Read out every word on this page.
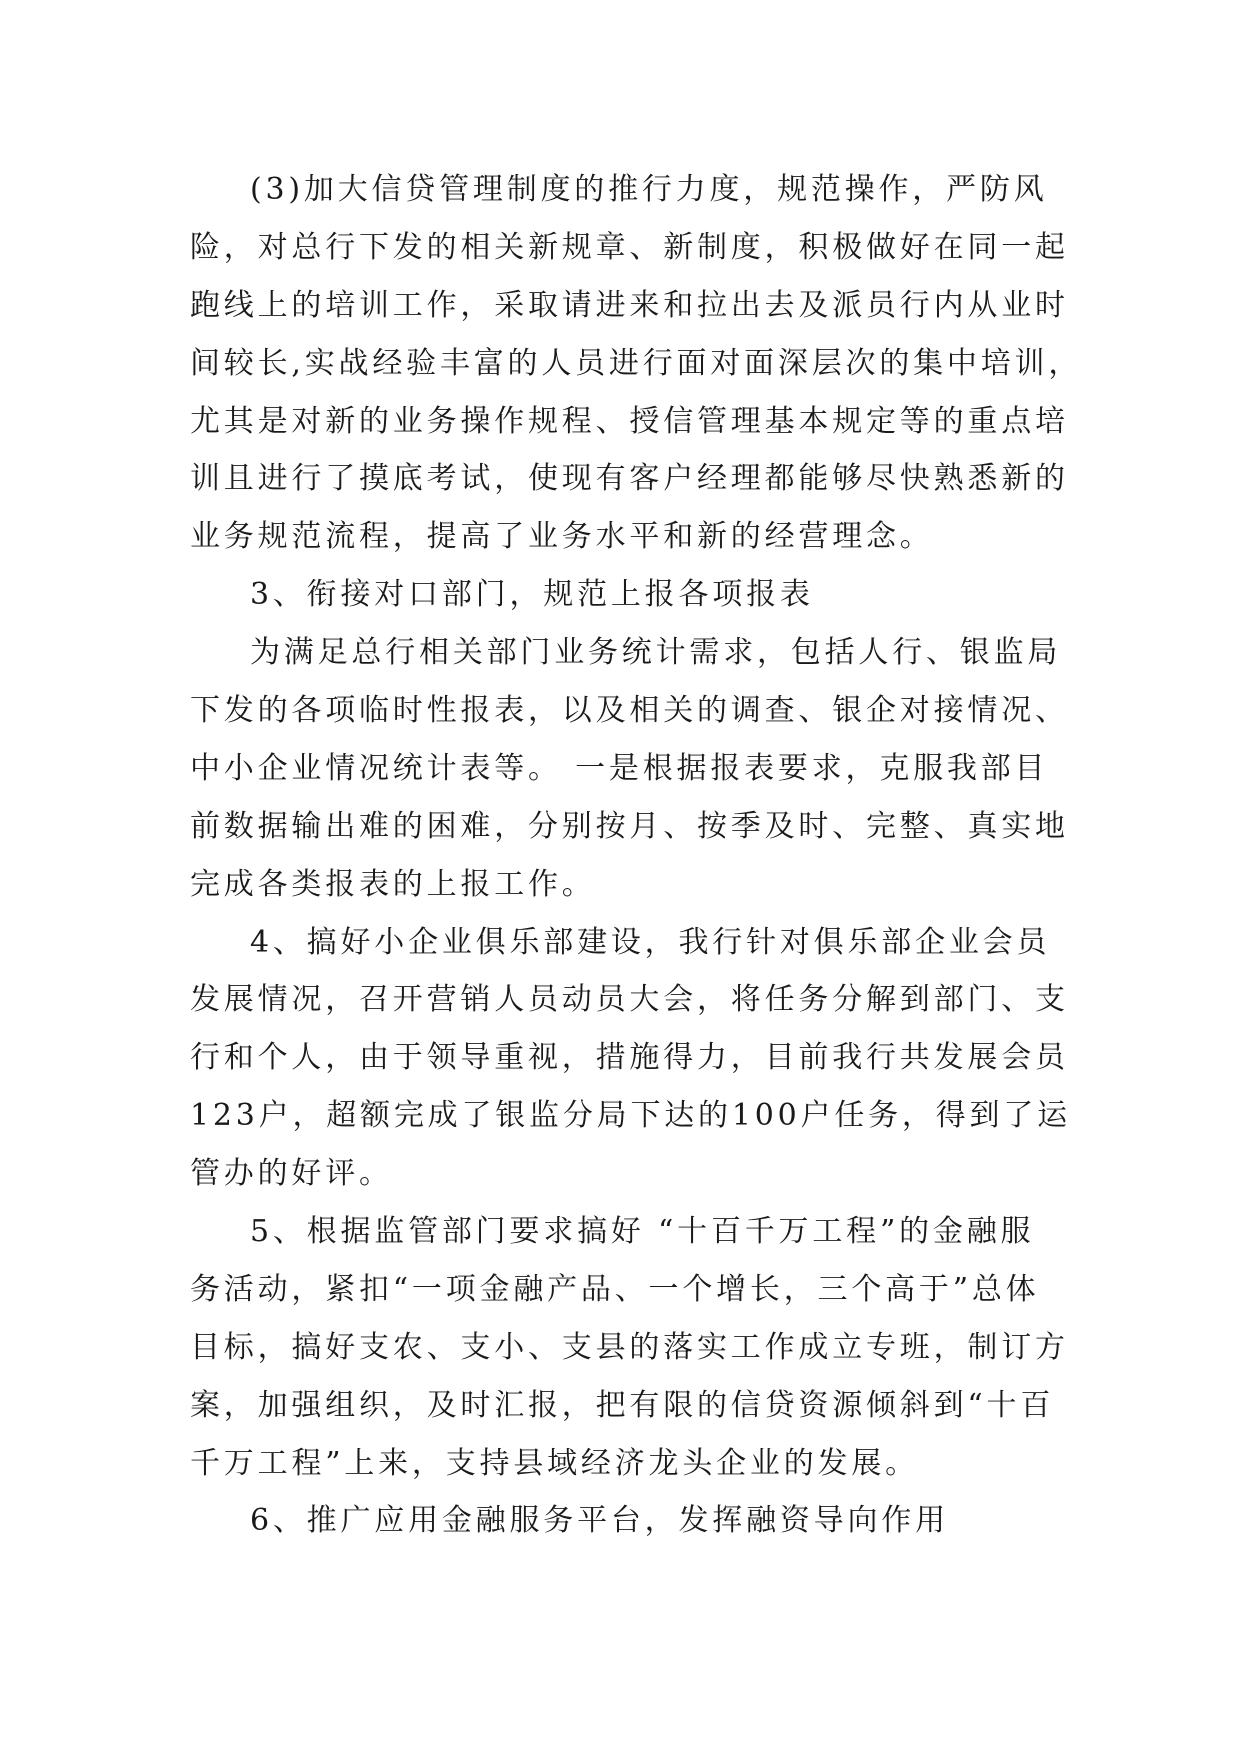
(3)加大信贷管理制度的推行力度，规范操作，严防风
险，对总行下发的相关新规章、新制度，积极做好在同一起
跑线上的培训工作，采取请进来和拉出去及派员行内从业时
间较长,实战经验丰富的人员进行面对面深层次的集中培训，
尤其是对新的业务操作规程、授信管理基本规定等的重点培
训且进行了摸底考试，使现有客户经理都能够尽快熟悉新的
业务规范流程，提高了业务水平和新的经营理念。
3、衔接对口部门，规范上报各项报表
为满足总行相关部门业务统计需求，包括人行、银监局
下发的各项临时性报表，以及相关的调查、银企对接情况、
中小企业情况统计表等。 一是根据报表要求，克服我部目
前数据输出难的困难，分别按月、按季及时、完整、真实地
完成各类报表的上报工作。
4、搞好小企业俱乐部建设，我行针对俱乐部企业会员
发展情况，召开营销人员动员大会，将任务分解到部门、支
行和个人，由于领导重视，措施得力，目前我行共发展会员
123户，超额完成了银监分局下达的100户任务，得到了运
管办的好评。
5、根据监管部门要求搞好 “十百千万工程”的金融服
务活动，紧扣“一项金融产品、一个增长，三个高于”总体
目标，搞好支农、支小、支县的落实工作成立专班，制订方
案，加强组织，及时汇报，把有限的信贷资源倾斜到“十百
千万工程”上来，支持县域经济龙头企业的发展。
6、推广应用金融服务平台，发挥融资导向作用
